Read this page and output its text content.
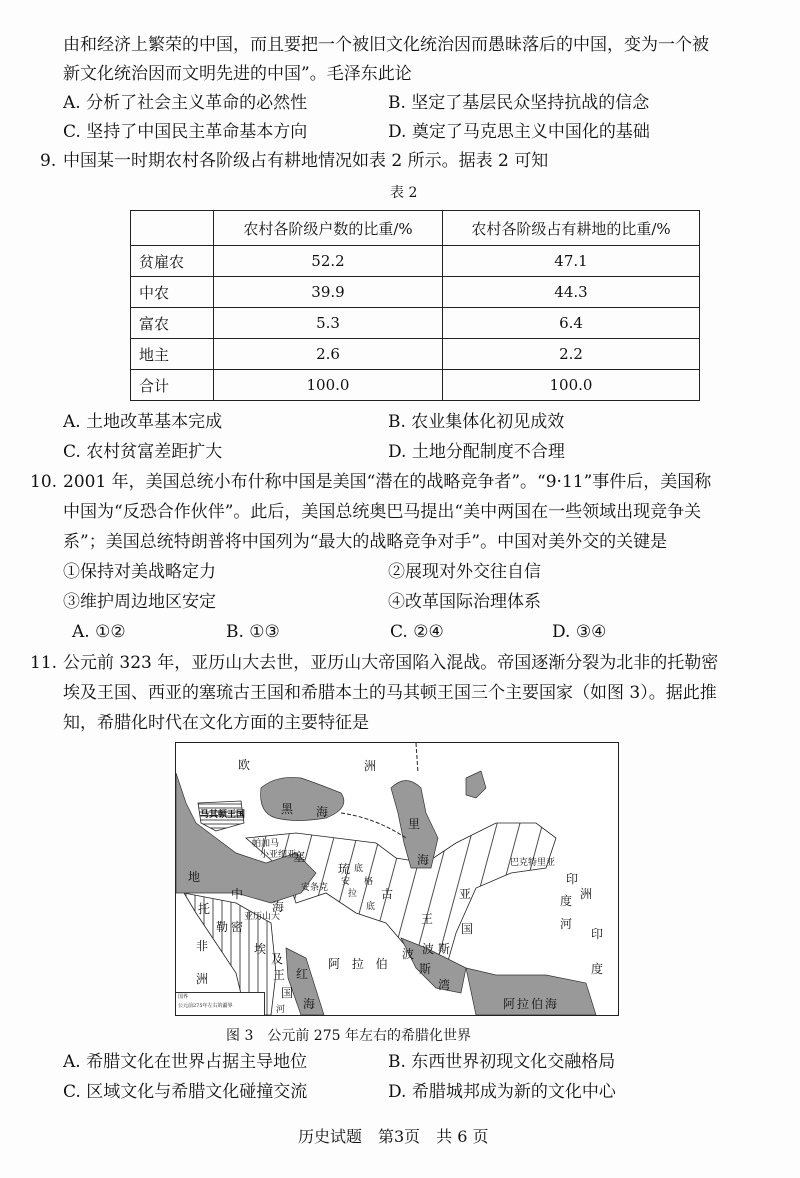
由和经济上繁荣的中国，而且要把一个被旧文化统治因而愚昧落后的中国，变为一个被
新文化统治因而文明先进的中国”。毛泽东此论
A. 分析了社会主义革命的必然性	B. 坚定了基层民众坚持抗战的信念
C. 坚持了中国民主革命基本方向	D. 奠定了马克思主义中国化的基础
9. 中国某一时期农村各阶级占有耕地情况如表 2 所示。据表 2 可知
表 2
	农村各阶级户数的比重/%	农村各阶级占有耕地的比重/%
贫雇农	52.2	47.1
中农	39.9	44.3
富农	5.3	6.4
地主	2.6	2.2
合计	100.0	100.0
A. 土地改革基本完成	B. 农业集体化初见成效
C. 农村贫富差距扩大	D. 土地分配制度不合理
10. 2001 年，美国总统小布什称中国是美国“潜在的战略竞争者”。“9·11”事件后，美国称
中国为“反恐合作伙伴”。此后，美国总统奥巴马提出“美中两国在一些领域出现竞争关
系”；美国总统特朗普将中国列为“最大的战略竞争对手”。中国对美外交的关键是
①保持对美战略定力	②展现对外交往自信
③维护周边地区安定	④改革国际治理体系
A. ①②	B. ①③	C. ②④	D. ③④
11. 公元前 323 年，亚历山大去世，亚历山大帝国陷入混战。帝国逐渐分裂为北非的托勒密
埃及王国、西亚的塞琉古王国和希腊本土的马其顿王国三个主要国家（如图 3）。据此推
知，希腊化时代在文化方面的主要特征是
欧	洲
黑 海
里
海
马其顿王国
帕加马
小亚细亚
地
中
海
安条克
亚历山大
塞
琉
古
王
国
亚
托
勒 密
埃
及
王
国
非
洲
河
红
海
阿 拉 伯
波
斯
湾
波 斯
巴克特里亚
阿拉伯海
印
度
印
度
河
洲
底
格
安
拉
底
国界
公元前275年左右的疆界
图 3　公元前 275 年左右的希腊化世界
A. 希腊文化在世界占据主导地位	B. 东西世界初现文化交融格局
C. 区域文化与希腊文化碰撞交流	D. 希腊城邦成为新的文化中心
历史试题　第3页　共 6 页
